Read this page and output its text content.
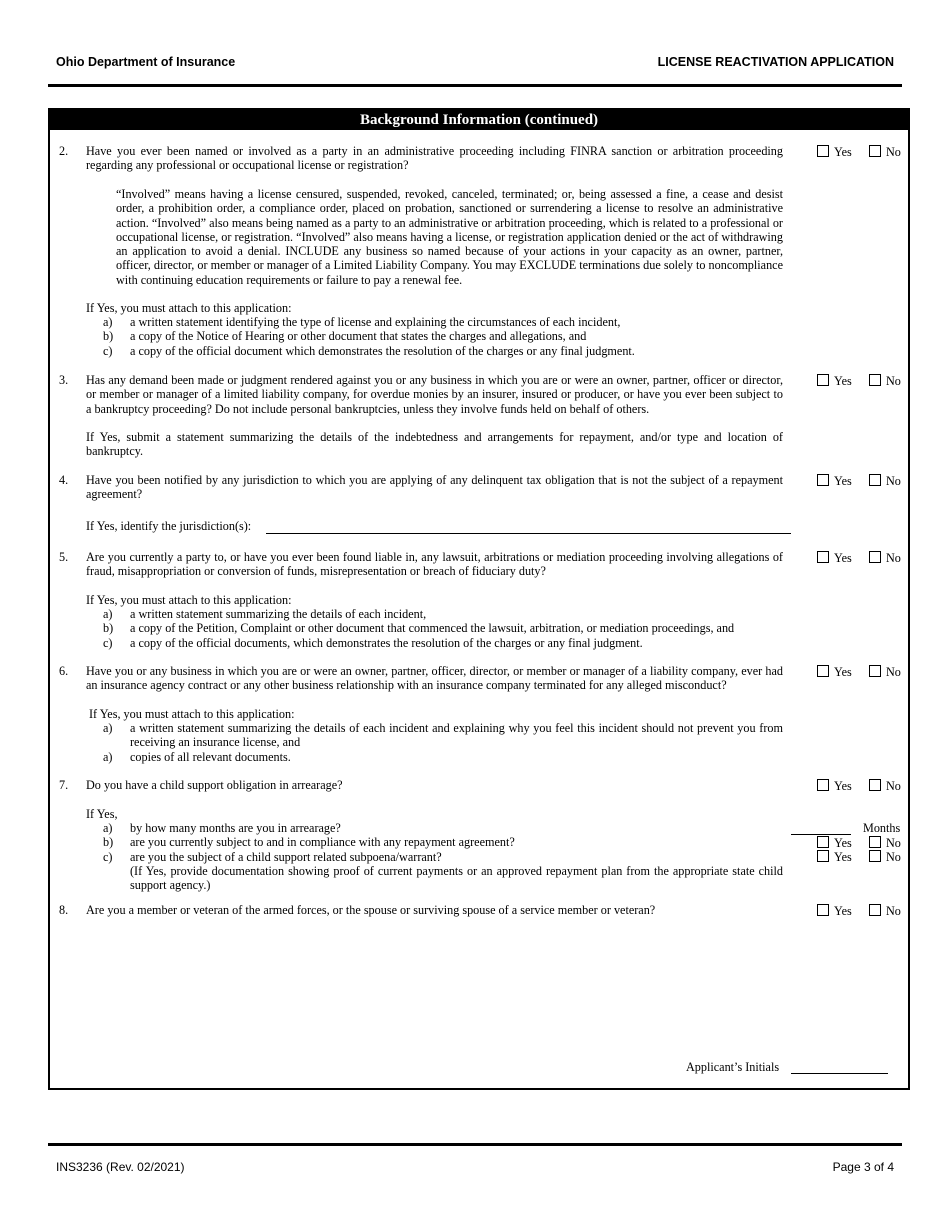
Ohio Department of Insurance	LICENSE REACTIVATION APPLICATION
Background Information (continued)
2. Have you ever been named or involved as a party in an administrative proceeding including FINRA sanction or arbitration proceeding regarding any professional or occupational license or registration?
Yes	No
“Involved” means having a license censured, suspended, revoked, canceled, terminated; or, being assessed a fine, a cease and desist order, a prohibition order, a compliance order, placed on probation, sanctioned or surrendering a license to resolve an administrative action. “Involved” also means being named as a party to an administrative or arbitration proceeding, which is related to a professional or occupational license, or registration. “Involved” also means having a license, or registration application denied or the act of withdrawing an application to avoid a denial. INCLUDE any business so named because of your actions in your capacity as an owner, partner, officer, director, or member or manager of a Limited Liability Company. You may EXCLUDE terminations due solely to noncompliance with continuing education requirements or failure to pay a renewal fee.
If Yes, you must attach to this application:
a) a written statement identifying the type of license and explaining the circumstances of each incident,
b) a copy of the Notice of Hearing or other document that states the charges and allegations, and
c) a copy of the official document which demonstrates the resolution of the charges or any final judgment.
3. Has any demand been made or judgment rendered against you or any business in which you are or were an owner, partner, officer or director, or member or manager of a limited liability company, for overdue monies by an insurer, insured or producer, or have you ever been subject to a bankruptcy proceeding? Do not include personal bankruptcies, unless they involve funds held on behalf of others.
Yes	No
If Yes, submit a statement summarizing the details of the indebtedness and arrangements for repayment, and/or type and location of bankruptcy.
4. Have you been notified by any jurisdiction to which you are applying of any delinquent tax obligation that is not the subject of a repayment agreement?
Yes	No
If Yes, identify the jurisdiction(s):
5. Are you currently a party to, or have you ever been found liable in, any lawsuit, arbitrations or mediation proceeding involving allegations of fraud, misappropriation or conversion of funds, misrepresentation or breach of fiduciary duty?
Yes	No
If Yes, you must attach to this application:
a) a written statement summarizing the details of each incident,
b) a copy of the Petition, Complaint or other document that commenced the lawsuit, arbitration, or mediation proceedings, and
c) a copy of the official documents, which demonstrates the resolution of the charges or any final judgment.
6. Have you or any business in which you are or were an owner, partner, officer, director, or member or manager of a liability company, ever had an insurance agency contract or any other business relationship with an insurance company terminated for any alleged misconduct?
Yes	No
If Yes, you must attach to this application:
a) a written statement summarizing the details of each incident and explaining why you feel this incident should not prevent you from receiving an insurance license, and
a) copies of all relevant documents.
7. Do you have a child support obligation in arrearage?	Yes	No
If Yes,
a) by how many months are you in arrearage?
b) are you currently subject to and in compliance with any repayment agreement?
c) are you the subject of a child support related subpoena/warrant?
(If Yes, provide documentation showing proof of current payments or an approved repayment plan from the appropriate state child support agency.)
Months
Yes	No
Yes	No
8. Are you a member or veteran of the armed forces, or the spouse or surviving spouse of a service member or veteran?	Yes	No
Applicant’s Initials
INS3236 (Rev. 02/2021)	Page 3 of 4
